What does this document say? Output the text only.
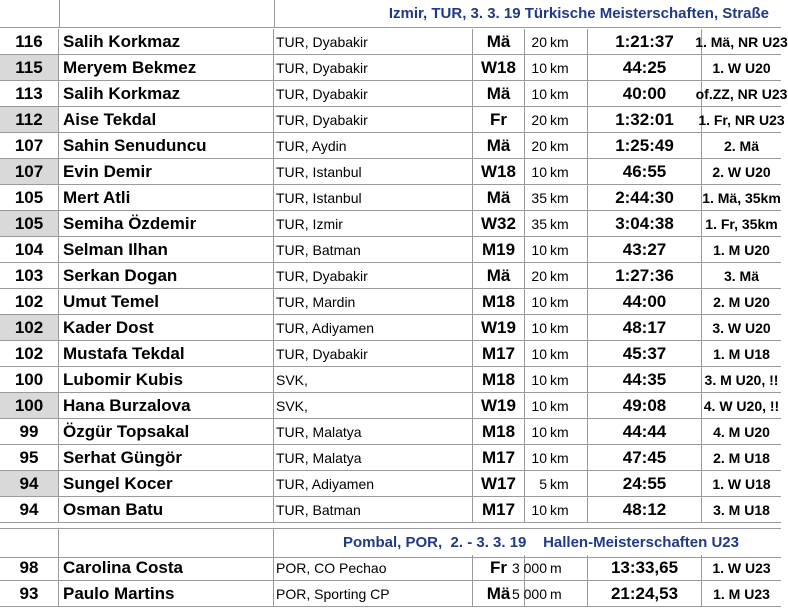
Izmir, TUR, 3. 3. 19 Türkische Meisterschaften, Straße
116	Salih Korkmaz	TUR, Dyabakir	Mä	20 km	1:21:37	1. Mä, NR U23
115	Meryem Bekmez	TUR, Dyabakir	W18	10 km	44:25	1. W U20
113	Salih Korkmaz	TUR, Dyabakir	Mä	10 km	40:00	of.ZZ, NR U23
112	Aise Tekdal	TUR, Dyabakir	Fr	20 km	1:32:01	1. Fr, NR U23
107	Sahin Senuduncu	TUR, Aydin	Mä	20 km	1:25:49	2. Mä
107	Evin Demir	TUR, Istanbul	W18	10 km	46:55	2. W U20
105	Mert Atli	TUR, Istanbul	Mä	35 km	2:44:30	1. Mä, 35km
105	Semiha Özdemir	TUR, Izmir	W32	35 km	3:04:38	1. Fr, 35km
104	Selman Ilhan	TUR, Batman	M19	10 km	43:27	1. M U20
103	Serkan Dogan	TUR, Dyabakir	Mä	20 km	1:27:36	3. Mä
102	Umut Temel	TUR, Mardin	M18	10 km	44:00	2. M U20
102	Kader Dost	TUR, Adiyamen	W19	10 km	48:17	3. W U20
102	Mustafa Tekdal	TUR, Dyabakir	M17	10 km	45:37	1. M U18
100	Lubomir Kubis	SVK,	M18	10 km	44:35	3. M U20, !!
100	Hana Burzalova	SVK,	W19	10 km	49:08	4. W U20, !!
99	Özgür Topsakal	TUR, Malatya	M18	10 km	44:44	4. M U20
95	Serhat Güngör	TUR, Malatya	M17	10 km	47:45	2. M U18
94	Sungel Kocer	TUR, Adiyamen	W17	5 km	24:55	1. W U18
94	Osman Batu	TUR, Batman	M17	10 km	48:12	3. M U18
Pombal, POR,  2. - 3. 3. 19    Hallen-Meisterschaften U23
98	Carolina Costa	POR, CO Pechao	Fr 3 000 m	13:33,65	1. W U23
93	Paulo Martins	POR, Sporting CP	Mä 5 000 m	21:24,53	1. M U23
